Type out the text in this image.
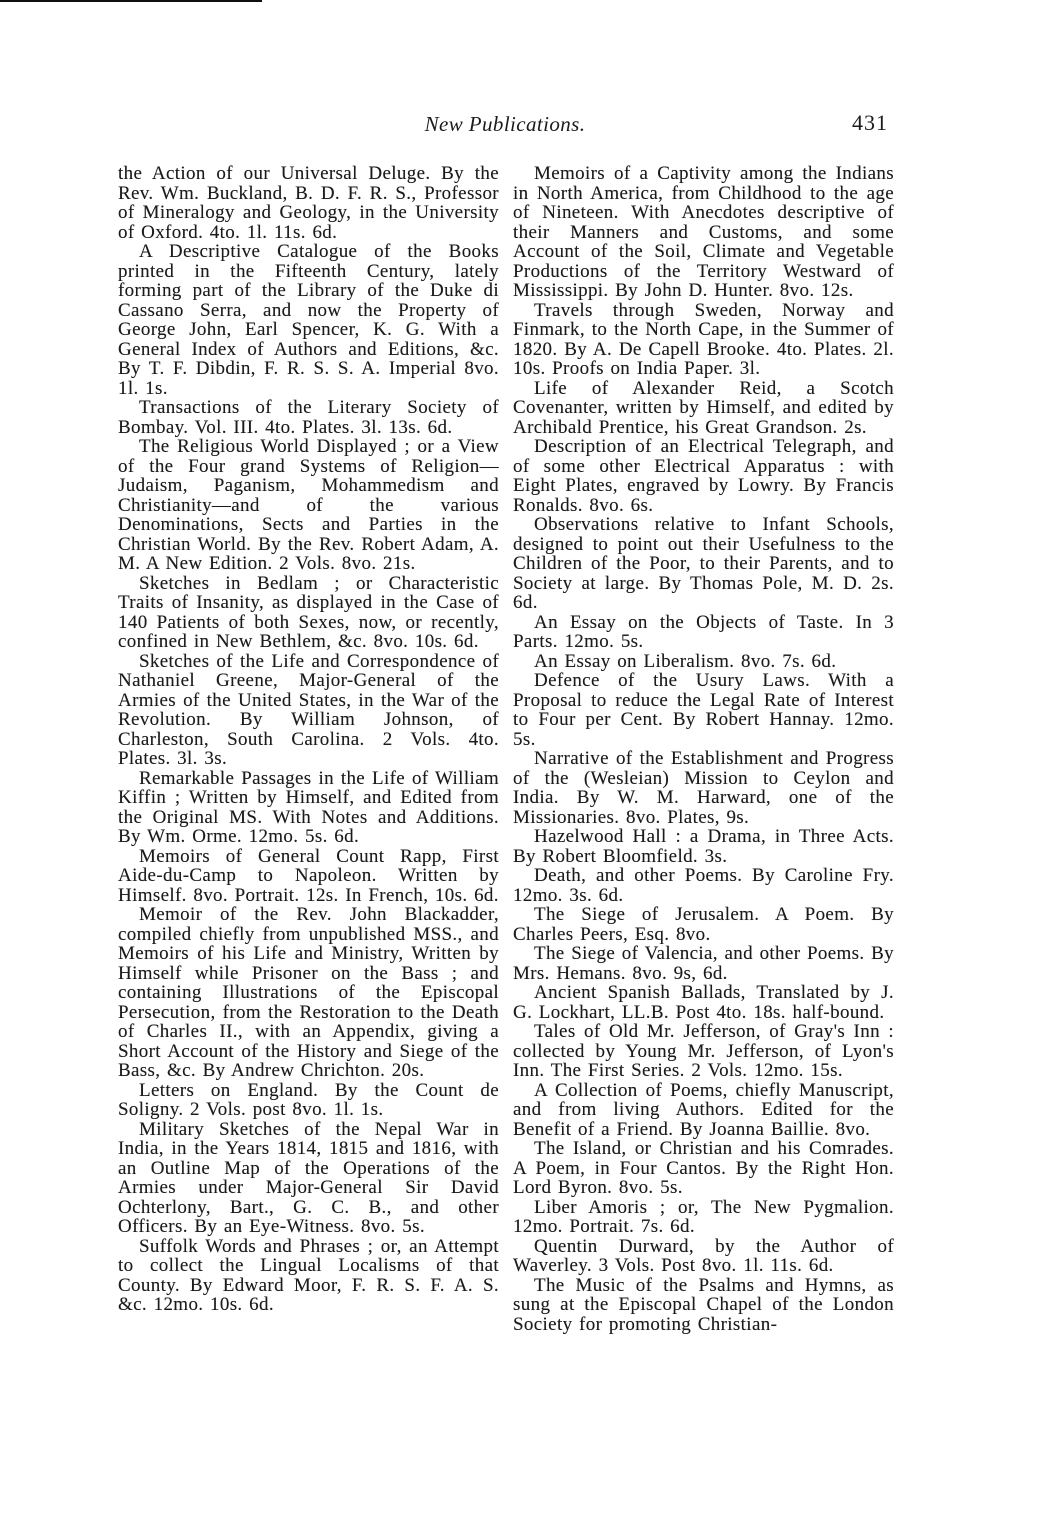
New Publications.	431

the Action of our Universal Deluge. By the Rev. Wm. Buckland, B. D. F. R. S., Professor of Mineralogy and Geology, in the University of Oxford. 4to. 1l. 11s. 6d.

A Descriptive Catalogue of the Books printed in the Fifteenth Century, lately forming part of the Library of the Duke di Cassano Serra, and now the Property of George John, Earl Spencer, K. G. With a General Index of Authors and Editions, &c. By T. F. Dibdin, F. R. S. S. A. Imperial 8vo. 1l. 1s.

Transactions of the Literary Society of Bombay. Vol. III. 4to. Plates. 3l. 13s. 6d.

The Religious World Displayed ; or a View of the Four grand Systems of Religion—Judaism, Paganism, Mohammedism and Christianity—and of the various Denominations, Sects and Parties in the Christian World. By the Rev. Robert Adam, A. M. A New Edition. 2 Vols. 8vo. 21s.

Sketches in Bedlam ; or Characteristic Traits of Insanity, as displayed in the Case of 140 Patients of both Sexes, now, or recently, confined in New Bethlem, &c. 8vo. 10s. 6d.

Sketches of the Life and Correspondence of Nathaniel Greene, Major-General of the Armies of the United States, in the War of the Revolution. By William Johnson, of Charleston, South Carolina. 2 Vols. 4to. Plates. 3l. 3s.

Remarkable Passages in the Life of William Kiffin ; Written by Himself, and Edited from the Original MS. With Notes and Additions. By Wm. Orme. 12mo. 5s. 6d.

Memoirs of General Count Rapp, First Aide-du-Camp to Napoleon. Written by Himself. 8vo. Portrait. 12s. In French, 10s. 6d.

Memoir of the Rev. John Blackadder, compiled chiefly from unpublished MSS., and Memoirs of his Life and Ministry, Written by Himself while Prisoner on the Bass ; and containing Illustrations of the Episcopal Persecution, from the Restoration to the Death of Charles II., with an Appendix, giving a Short Account of the History and Siege of the Bass, &c. By Andrew Chrichton. 20s.

Letters on England. By the Count de Soligny. 2 Vols. post 8vo. 1l. 1s.

Military Sketches of the Nepal War in India, in the Years 1814, 1815 and 1816, with an Outline Map of the Operations of the Armies under Major-General Sir David Ochterlony, Bart., G. C. B., and other Officers. By an Eye-Witness. 8vo. 5s.

Suffolk Words and Phrases ; or, an Attempt to collect the Lingual Localisms of that County. By Edward Moor, F. R. S. F. A. S. &c. 12mo. 10s. 6d.

Memoirs of a Captivity among the Indians in North America, from Childhood to the age of Nineteen. With Anecdotes descriptive of their Manners and Customs, and some Account of the Soil, Climate and Vegetable Productions of the Territory Westward of Mississippi. By John D. Hunter. 8vo. 12s.

Travels through Sweden, Norway and Finmark, to the North Cape, in the Summer of 1820. By A. De Capell Brooke. 4to. Plates. 2l. 10s. Proofs on India Paper. 3l.

Life of Alexander Reid, a Scotch Covenanter, written by Himself, and edited by Archibald Prentice, his Great Grandson. 2s.

Description of an Electrical Telegraph, and of some other Electrical Apparatus : with Eight Plates, engraved by Lowry. By Francis Ronalds. 8vo. 6s.

Observations relative to Infant Schools, designed to point out their Usefulness to the Children of the Poor, to their Parents, and to Society at large. By Thomas Pole, M. D. 2s. 6d.

An Essay on the Objects of Taste. In 3 Parts. 12mo. 5s.

An Essay on Liberalism. 8vo. 7s. 6d.

Defence of the Usury Laws. With a Proposal to reduce the Legal Rate of Interest to Four per Cent. By Robert Hannay. 12mo. 5s.

Narrative of the Establishment and Progress of the (Wesleian) Mission to Ceylon and India. By W. M. Harward, one of the Missionaries. 8vo. Plates, 9s.

Hazelwood Hall : a Drama, in Three Acts. By Robert Bloomfield. 3s.

Death, and other Poems. By Caroline Fry. 12mo. 3s. 6d.

The Siege of Jerusalem. A Poem. By Charles Peers, Esq. 8vo.

The Siege of Valencia, and other Poems. By Mrs. Hemans. 8vo. 9s, 6d.

Ancient Spanish Ballads, Translated by J. G. Lockhart, LL.B. Post 4to. 18s. half-bound.

Tales of Old Mr. Jefferson, of Gray's Inn : collected by Young Mr. Jefferson, of Lyon's Inn. The First Series. 2 Vols. 12mo. 15s.

A Collection of Poems, chiefly Manuscript, and from living Authors. Edited for the Benefit of a Friend. By Joanna Baillie. 8vo.

The Island, or Christian and his Comrades. A Poem, in Four Cantos. By the Right Hon. Lord Byron. 8vo. 5s.

Liber Amoris ; or, The New Pygmalion. 12mo. Portrait. 7s. 6d.

Quentin Durward, by the Author of Waverley. 3 Vols. Post 8vo. 1l. 11s. 6d.

The Music of the Psalms and Hymns, as sung at the Episcopal Chapel of the London Society for promoting Christian-
